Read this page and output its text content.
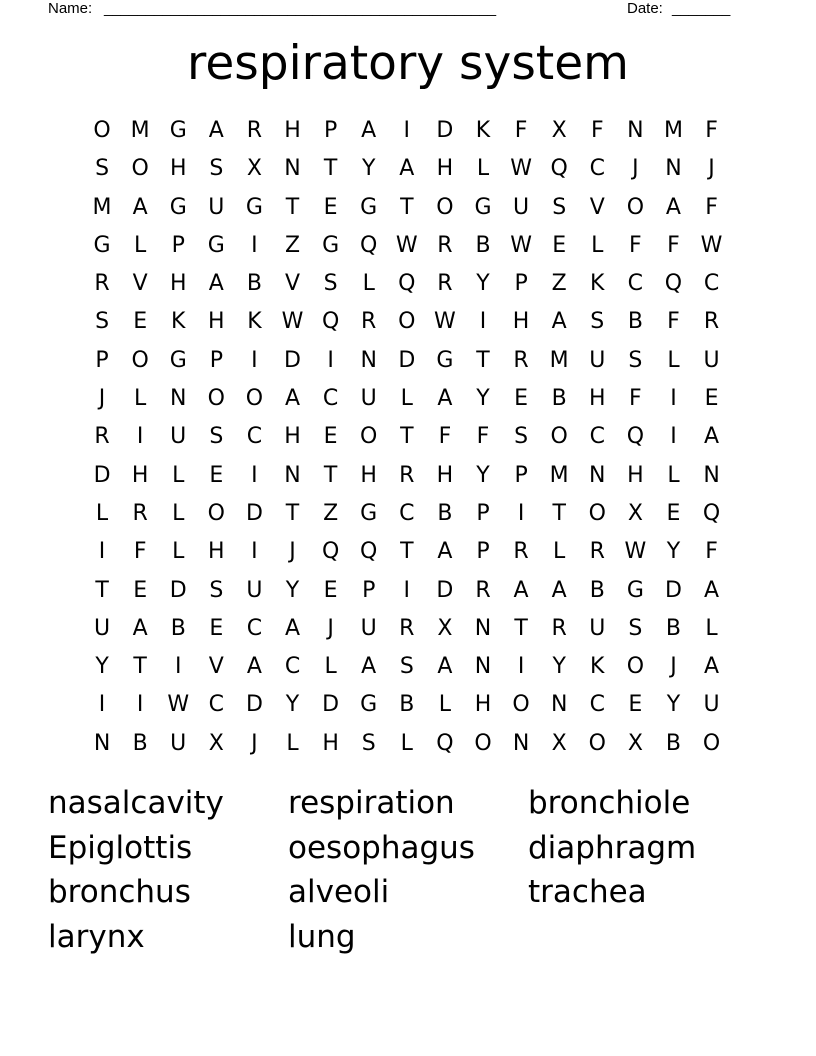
Name: _______________________________________________	Date: _______
respiratory system
O M G	A	R	H	P	A	I	D	K	F	X	F	N M	F
S	O H	S	X	N	T	Y	A	H	L W Q C	J	N	J
M A	G U G	T	E	G	T	O G U	S	V O A	F
G	L	P	G	I	Z	G Q W R	B W E	L	F	F W
R	V	H	A	B	V	S	L	Q R	Y	P	Z	K	C Q C
S	E	K	H	K W Q R O W	I	H	A	S	B	F	R
P	O G	P	I	D	I	N D G	T	R M U	S	L	U
J	L	N O O A	C	U	L	A	Y	E	B	H	F	I	E
R	I	U	S	C	H	E	O	T	F	F	S	O C Q	I	A
D H	L	E	I	N	T	H	R	H	Y	P M N H	L	N
L	R	L	O D	T	Z	G C	B	P	I	T	O X	E	Q
I	F	L	H	I	J	Q Q	T	A	P	R	L	R W Y	F
T	E	D	S	U	Y	E	P	I	D R	A	A	B	G D	A
U	A	B	E	C	A	J	U	R	X	N	T	R	U	S	B	L
Y	T	I	V	A	C	L	A	S	A	N	I	Y	K	O	J	A
I	I	W C D	Y	D G	B	L	H O N	C	E	Y	U
N	B	U	X	J	L	H	S	L	Q O N	X O X	B O
nasalcavity	respiration	bronchiole
Epiglottis	oesophagus	diaphragm
bronchus	alveoli	trachea
larynx	lung
